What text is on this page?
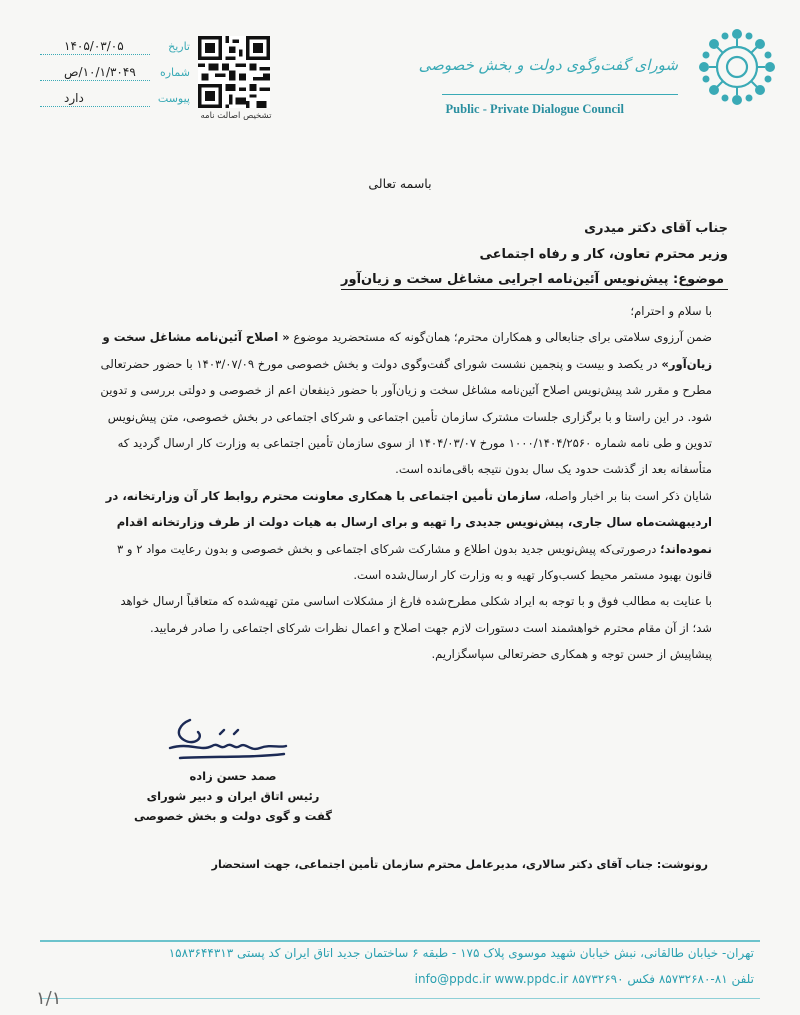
شورای گفت‌وگوی دولت و بخش خصوصی
Public - Private Dialogue Council
تاریخ
۱۴۰۵/۰۳/۰۵
شماره
۱۰/۱/۳۰۴۹/ص
پیوست
دارد
تشخیص اصالت نامه
باسمه تعالی
جناب آقای دکتر میدری
وزیر محترم تعاون، کار و رفاه اجتماعی
موضوع: پیش‌نویس آئین‌نامه اجرایی مشاغل سخت و زیان‌آور

با سلام و احترام؛

ضمن آرزوی سلامتی برای جنابعالی و همکاران محترم؛ همان‌گونه که مستحضرید موضوع « اصلاح آئین‌نامه مشاغل سخت و زیان‌آور» در یکصد و بیست و پنجمین نشست شورای گفت‌وگوی دولت و بخش خصوصی مورخ ۱۴۰۳/۰۷/۰۹ با حضور حضرتعالی مطرح و مقرر شد پیش‌نویس اصلاح آئین‌نامه مشاغل سخت و زیان‌آور با حضور ذینفعان اعم از خصوصی و دولتی بررسی و تدوین شود. در این راستا و با برگزاری جلسات مشترک سازمان تأمین اجتماعی و شرکای اجتماعی در بخش خصوصی، متن پیش‌نویس تدوین و طی نامه شماره ۱۰۰۰/۱۴۰۴/۲۵۶۰ مورخ ۱۴۰۴/۰۳/۰۷ از سوی سازمان تأمین اجتماعی به وزارت کار ارسال گردید که متأسفانه بعد از گذشت حدود یک سال بدون نتیجه باقی‌مانده است.

شایان ذکر است بنا بر اخبار واصله، سازمان تأمین اجتماعی با همکاری معاونت محترم روابط کار آن وزارتخانه، در اردیبهشت‌ماه سال جاری، پیش‌نویس جدیدی را تهیه و برای ارسال به هیات دولت از طرف وزارتخانه اقدام نموده‌اند؛ درصورتی‌که پیش‌نویس جدید بدون اطلاع و مشارکت شرکای اجتماعی و بخش خصوصی و بدون رعایت مواد ۲ و ۳ قانون بهبود مستمر محیط کسب‌وکار تهیه و به وزارت کار ارسال‌شده است.

با عنایت به مطالب فوق و با توجه به ایراد شکلی مطرح‌شده فارغ از مشکلات اساسی متن تهیه‌شده که متعاقباً ارسال خواهد شد؛ از آن مقام محترم خواهشمند است دستورات لازم جهت اصلاح و اعمال نظرات شرکای اجتماعی را صادر فرمایید.

پیشاپیش از حسن توجه و همکاری حضرتعالی سپاسگزاریم.

صمد حسن زاده
رئیس اتاق ایران و دبیر شورای
گفت و گوی دولت و بخش خصوصی
رونوشت: جناب آقای دکتر سالاری، مدیرعامل محترم سازمان تأمین اجتماعی، جهت استحضار
تهران- خیابان طالقانی، نبش خیابان شهید موسوی پلاک ۱۷۵ - طبقه ۶ ساختمان جدید اتاق ایران کد پستی ۱۵۸۳۶۴۴۳۱۳
تلفن ۸۱-۸۵۷۳۲۶۸۰ فکس ۸۵۷۳۲۶۹۰ info@ppdc.ir www.ppdc.ir
۱/۱
